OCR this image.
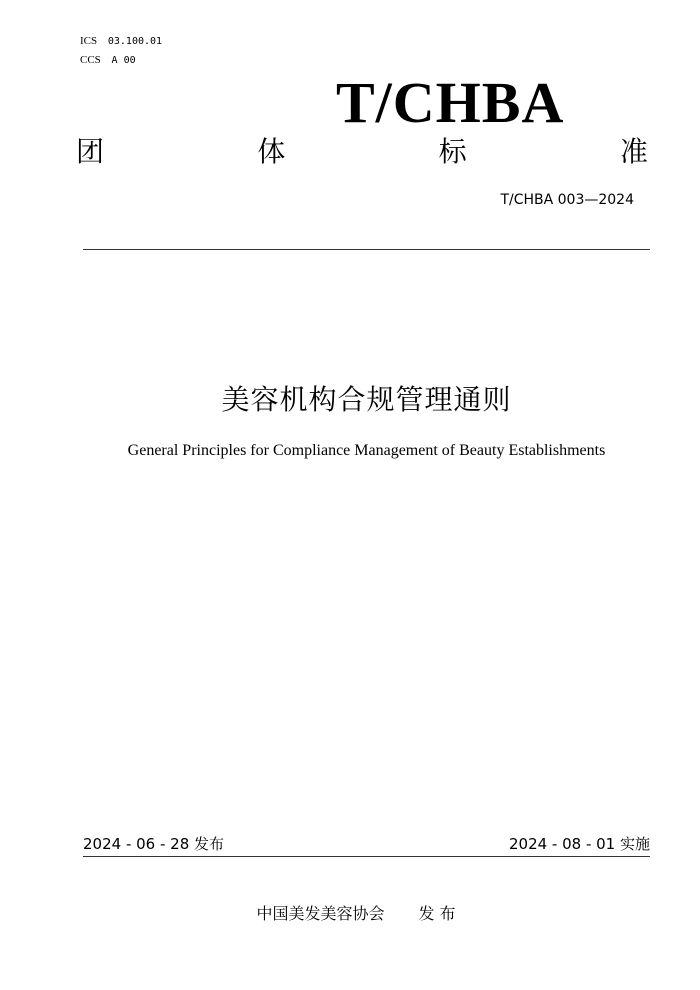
ICS 03.100.01
CCS A 00
T/CHBA
团	体	标	准
T/CHBA 003—2024
美容机构合规管理通则
General Principles for Compliance Management of Beauty Establishments
2024 - 06 - 28 发布	2024 - 08 - 01 实施
中国美发美容协会 发 布
